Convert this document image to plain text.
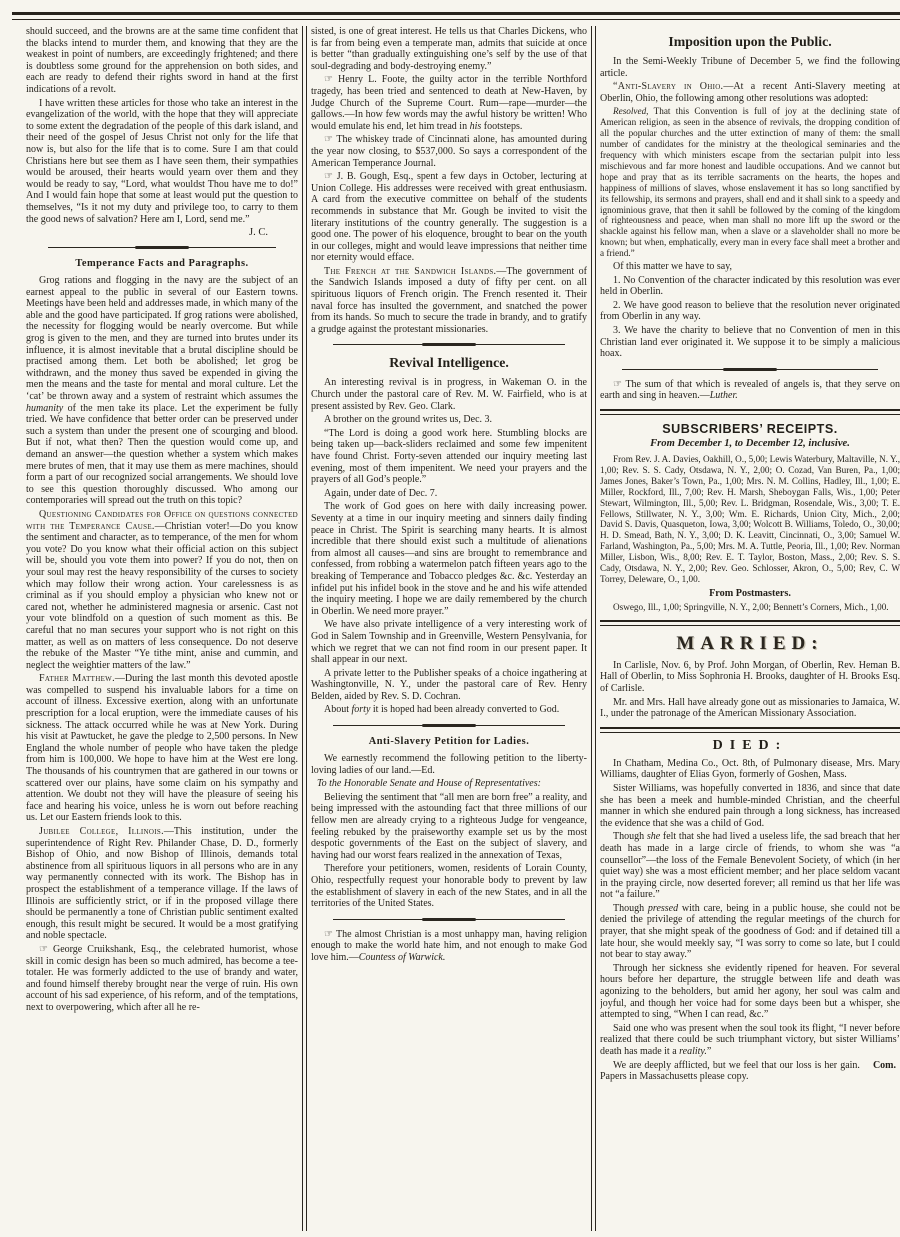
should succeed, and the browns are at the same time confident that the blacks intend to murder them, and knowing that they are the weakest in point of numbers, are exceedingly frightened; and there is doubtless some ground for the apprehension on both sides, and each are ready to defend their rights sword in hand at the first indications of a revolt.
I have written these articles for those who take an interest in the evangelization of the world, with the hope that they will appreciate to some extent the degradation of the people of this dark island, and their need of the gospel of Jesus Christ not only for the life that now is, but also for the life that is to come. Sure I am that could Christians here but see them as I have seen them, their sympathies would be aroused, their hearts would yearn over them and they would be ready to say, “Lord, what wouldst Thou have me to do!” And I would fain hope that some at least would put the question to themselves, “Is it not my duty and privilege too, to carry to them the good news of salvation? Here am I, Lord, send me.”
J. C.
Temperance Facts and Paragraphs.
Grog rations and flogging in the navy are the subject of an earnest appeal to the public in several of our Eastern towns. Meetings have been held and addresses made, in which many of the able and the good have participated. If grog rations were abolished, the necessity for flogging would be nearly overcome. But while grog is given to the men, and they are turned into brutes under its influence, it is almost inevitable that a brutal discipline should be practised among them. Let both be abolished; let grog be withdrawn, and the money thus saved be expended in giving the men the means and the taste for mental and moral culture. Let the ‘cat’ be thrown away and a system of restraint which assumes the humanity of the men take its place. Let the experiment be fully tried. We have confidence that better order can be preserved under such a system than under the present one of scourging and blood. But if not, what then? Then the question would come up, and demand an answer—the question whether a system which makes mere brutes of men, that it may use them as mere machines, should form a part of our recognized social arrangements. We should love to see this question thoroughly discussed. Who among our contemporaries will spread out the truth on this topic?
Questioning Candidates for Office on questions connected with the Temperance Cause.—Christian voter!—Do you know the sentiment and character, as to temperance, of the men for whom you vote? Do you know what their official action on this subject will be, should you vote them into power? If you do not, then on your soul may rest the heavy responsibility of the curses to society which may follow their wrong action. Your carelessness is as criminal as if you should employ a physician who knew not or cared not, whether he administered magnesia or arsenic. Cast not your vote blindfold on a question of such moment as this. Be careful that no man secures your support who is not right on this matter, as well as on matters of less consequence. Do not deserve the rebuke of the Master “Ye tithe mint, anise and cummin, and neglect the weightier matters of the law.”
Father Matthew.—During the last month this devoted apostle was compelled to suspend his invaluable labors for a time on account of illness. Excessive exertion, along with an unfortunate prescription for a local eruption, were the immediate causes of his sickness. The attack occurred while he was at New York. During his visit at Pawtucket, he gave the pledge to 2,500 persons. In New England the whole number of people who have taken the pledge from him is 100,000. We hope to have him at the West ere long. The thousands of his countrymen that are gathered in our towns or scattered over our plains, have some claim on his sympathy and attention. We doubt not they will have the pleasure of seeing his face and hearing his voice, unless he is worn out before reaching us. Let our Eastern friends look to this.
Jubilee College, Illinois.—This institution, under the superintendence of Right Rev. Philander Chase, D. D., formerly Bishop of Ohio, and now Bishop of Illinois, demands total abstinence from all spirituous liquors in all persons who are in any way permanently connected with its work. The Bishop has in prospect the establishment of a temperance village. If the laws of Illinois are sufficiently strict, or if in the proposed village there should be permanently a tone of Christian public sentiment exalted enough, this result might be secured. It would be a most gratifying and noble spectacle.
☞ George Cruikshank, Esq., the celebrated humorist, whose skill in comic design has been so much admired, has become a tee-totaler. He was formerly addicted to the use of brandy and water, and found himself thereby brought near the verge of ruin. His own account of his sad experience, of his reform, and of the temptations, next to overpowering, which after all he re-
sisted, is one of great interest. He tells us that Charles Dickens, who is far from being even a temperate man, admits that suicide at once is better “than gradually extinguishing one’s self by the use of that soul-degrading and body-destroying enemy.”
☞ Henry L. Foote, the guilty actor in the terrible Northford tragedy, has been tried and sentenced to death at New-Haven, by Judge Church of the Supreme Court. Rum—rape—murder—the gallows.—In how few words may the awful history be written! Who would emulate his end, let him tread in his footsteps.
☞ The whiskey trade of Cincinnati alone, has amounted during the year now closing, to $537,000. So says a correspondent of the American Temperance Journal.
☞ J. B. Gough, Esq., spent a few days in October, lecturing at Union College. His addresses were received with great enthusiasm. A card from the executive committee on behalf of the students recommends in substance that Mr. Gough be invited to visit the literary institutions of the country generally. The suggestion is a good one. The power of his eloquence, brought to bear on the youth in our colleges, might and would leave impressions that neither time nor eternity would efface.
The French at the Sandwich Islands.—The government of the Sandwich Islands imposed a duty of fifty per cent. on all spirituous liquors of French origin. The French resented it. Their naval force has insulted the government, and snatched the power from its hands. So much to secure the trade in brandy, and to gratify a grudge against the protestant missionaries.
Revival Intelligence.
An interesting revival is in progress, in Wakeman O. in the Church under the pastoral care of Rev. M. W. Fairfield, who is at present assisted by Rev. Geo. Clark.
A brother on the ground writes us, Dec. 3.
“The Lord is doing a good work here. Stumbling blocks are being taken up—back-sliders reclaimed and some few impenitent have found Christ. Forty-seven attended our inquiry meeting last evening, most of them impenitent. We need your prayers and the prayers of all God’s people.”
Again, under date of Dec. 7.
The work of God goes on here with daily increasing power. Seventy at a time in our inquiry meeting and sinners daily finding peace in Christ. The Spirit is searching many hearts. It is almost incredible that there should exist such a multitude of alienations from almost all causes—and sins are brought to remembrance and confessed, from robbing a watermelon patch fifteen years ago to the breaking of Temperance and Tobacco pledges &c. &c. Yesterday an infidel put his infidel book in the stove and he and his wife attended the inquiry meeting. I hope we are daily remembered by the church in Oberlin. We need more prayer.”
We have also private intelligence of a very interesting work of God in Salem Township and in Greenville, Western Pensylvania, for which we regret that we can not find room in our present paper. It shall appear in our next.
A private letter to the Publisher speaks of a choice ingathering at Washingtonville, N. Y., under the pastoral care of Rev. Henry Belden, aided by Rev. S. D. Cochran.
About forty it is hoped had been already converted to God.
Anti-Slavery Petition for Ladies.
We earnestly recommend the following petition to the liberty-loving ladies of our land.—Ed.
To the Honorable Senate and House of Representatives:
Believing the sentiment that “all men are born free” a reality, and being impressed with the astounding fact that three millions of our fellow men are already crying to a righteous Judge for vengeance, feeling rebuked by the praiseworthy example set us by the most despotic governments of the East on the subject of slavery, and having had our worst fears realized in the annexation of Texas,
Therefore your petitioners, women, residents of Lorain County, Ohio, respectfully request your honorable body to prevent by law the establishment of slavery in each of the new States, and in all the territories of the United States.
☞ The almost Christian is a most unhappy man, having religion enough to make the world hate him, and not enough to make God love him.—Countess of Warwick.
Imposition upon the Public.
In the Semi-Weekly Tribune of December 5, we find the following article.
“Anti-Slavery in Ohio.—At a recent Anti-Slavery meeting at Oberlin, Ohio, the following among other resolutions was adopted:
Resolved, That this Convention is full of joy at the declining state of American religion, as seen in the absence of revivals, the dropping condition of all the popular churches and the utter extinction of many of them: the small number of candidates for the ministry at the theological seminaries and the frequency with which ministers escape from the sectarian pulpit into less mischievous and far more honest and laudible occupations. And we cannot but hope and pray that as its terrible sacraments on the hearts, the hopes and happiness of millions of slaves, whose enslavement it has so long sanctified by its fellowship, its sermons and prayers, shall end and it shall sink to a speedy and ignominious grave, that then it sahll be followed by the coming of the kingdom of righteousness and peace, when man shall no more lift up the sword or the shackle against his fellow man, when a slave or a slaveholder shall no more be known; but when, emphatically, every man in every face shall meet a brother and a friend.”
Of this matter we have to say,
1. No Convention of the character indicated by this resolution was ever held in Oberlin.
2. We have good reason to believe that the resolution never originated from Oberlin in any way.
3. We have the charity to believe that no Convention of men in this Christian land ever originated it. We suppose it to be simply a malicious hoax.
☞ The sum of that which is revealed of angels is, that they serve on earth and sing in heaven.—Luther.
SUBSCRIBERS’ RECEIPTS.
From December 1, to December 12, inclusive.
From Rev. J. A. Davies, Oakhill, O., 5,00; Lewis Waterbury, Maltaville, N. Y., 1,00; Rev. S. S. Cady, Otsdawa, N. Y., 2,00; O. Cozad, Van Buren, Pa., 1,00; James Jones, Baker’s Town, Pa., 1,00; Mrs. N. M. Collins, Hadley, Ill., 1,00; E. Miller, Rockford, Ill., 7,00; Rev. H. Marsh, Sheboygan Falls, Wis., 1,00; Peter Stewart, Wilmington, Ill., 5,00; Rev. L. Bridgman, Rosendale, Wis., 3,00; T. E. Fellows, Stillwater, N. Y., 3,00; Wm. E. Richards, Union City, Mich., 2,00; David S. Davis, Quasqueton, Iowa, 3,00; Wolcott B. Williams, Toledo, O., 30,00; H. D. Smead, Bath, N. Y., 3,00; D. K. Leavitt, Cincinnati, O., 3,00; Samuel W. Farland, Washington, Pa., 5,00; Mrs. M. A. Tuttle, Peoria, Ill., 1,00; Rev. Norman Miller, Lisbon, Wis., 8,00; Rev. E. T. Taylor, Boston, Mass., 2,00; Rev. S. S. Cady, Otsdawa, N. Y., 2,00; Rev. Geo. Schlosser, Akron, O., 5,00; Rev, C. W Torrey, Deleware, O., 1,00.
From Postmasters.
Oswego, Ill., 1,00; Springville, N. Y., 2,00; Bennett’s Corners, Mich., 1,00.
MARRIED:
In Carlisle, Nov. 6, by Prof. John Morgan, of Oberlin, Rev. Heman B. Hall of Oberlin, to Miss Sophronia H. Brooks, daughter of H. Brooks Esq. of Carlisle.
Mr. and Mrs. Hall have already gone out as missionaries to Jamaica, W. I., under the patronage of the American Missionary Association.
DIED:
In Chatham, Medina Co., Oct. 8th, of Pulmonary disease, Mrs. Mary Williams, daughter of Elias Gyon, formerly of Goshen, Mass.
Sister Williams, was hopefully converted in 1836, and since that date she has been a meek and humble-minded Christian, and the cheerful manner in which she endured pain through a long sickness, has increased the evidence that she was a child of God.
Though she felt that she had lived a useless life, the sad breach that her death has made in a large circle of friends, to whom she was “a counsellor”—the loss of the Female Benevolent Society, of which (in her quiet way) she was a most efficient member; and her place seldom vacant in the praying circle, now deserted forever; all remind us that her life was not “a failure.”
Though pressed with care, being in a public house, she could not be denied the privilege of attending the regular meetings of the church for prayer, that she might speak of the goodness of God: and if detained till a late hour, she would meekly say, “I was sorry to come so late, but I could not bear to stay away.”
Through her sickness she evidently ripened for heaven. For several hours before her departure, the struggle between life and death was agonizing to the beholders, but amid her agony, her soul was calm and joyful, and though her voice had for some days been but a whisper, she attempted to sing, “When I can read, &c.”
Said one who was present when the soul took its flight, “I never before realized that there could be such triumphant victory, but sister Williams’ death has made it a reality.”
Com.
We are deeply afflicted, but we feel that our loss is her gain. Papers in Massachusetts please copy.
